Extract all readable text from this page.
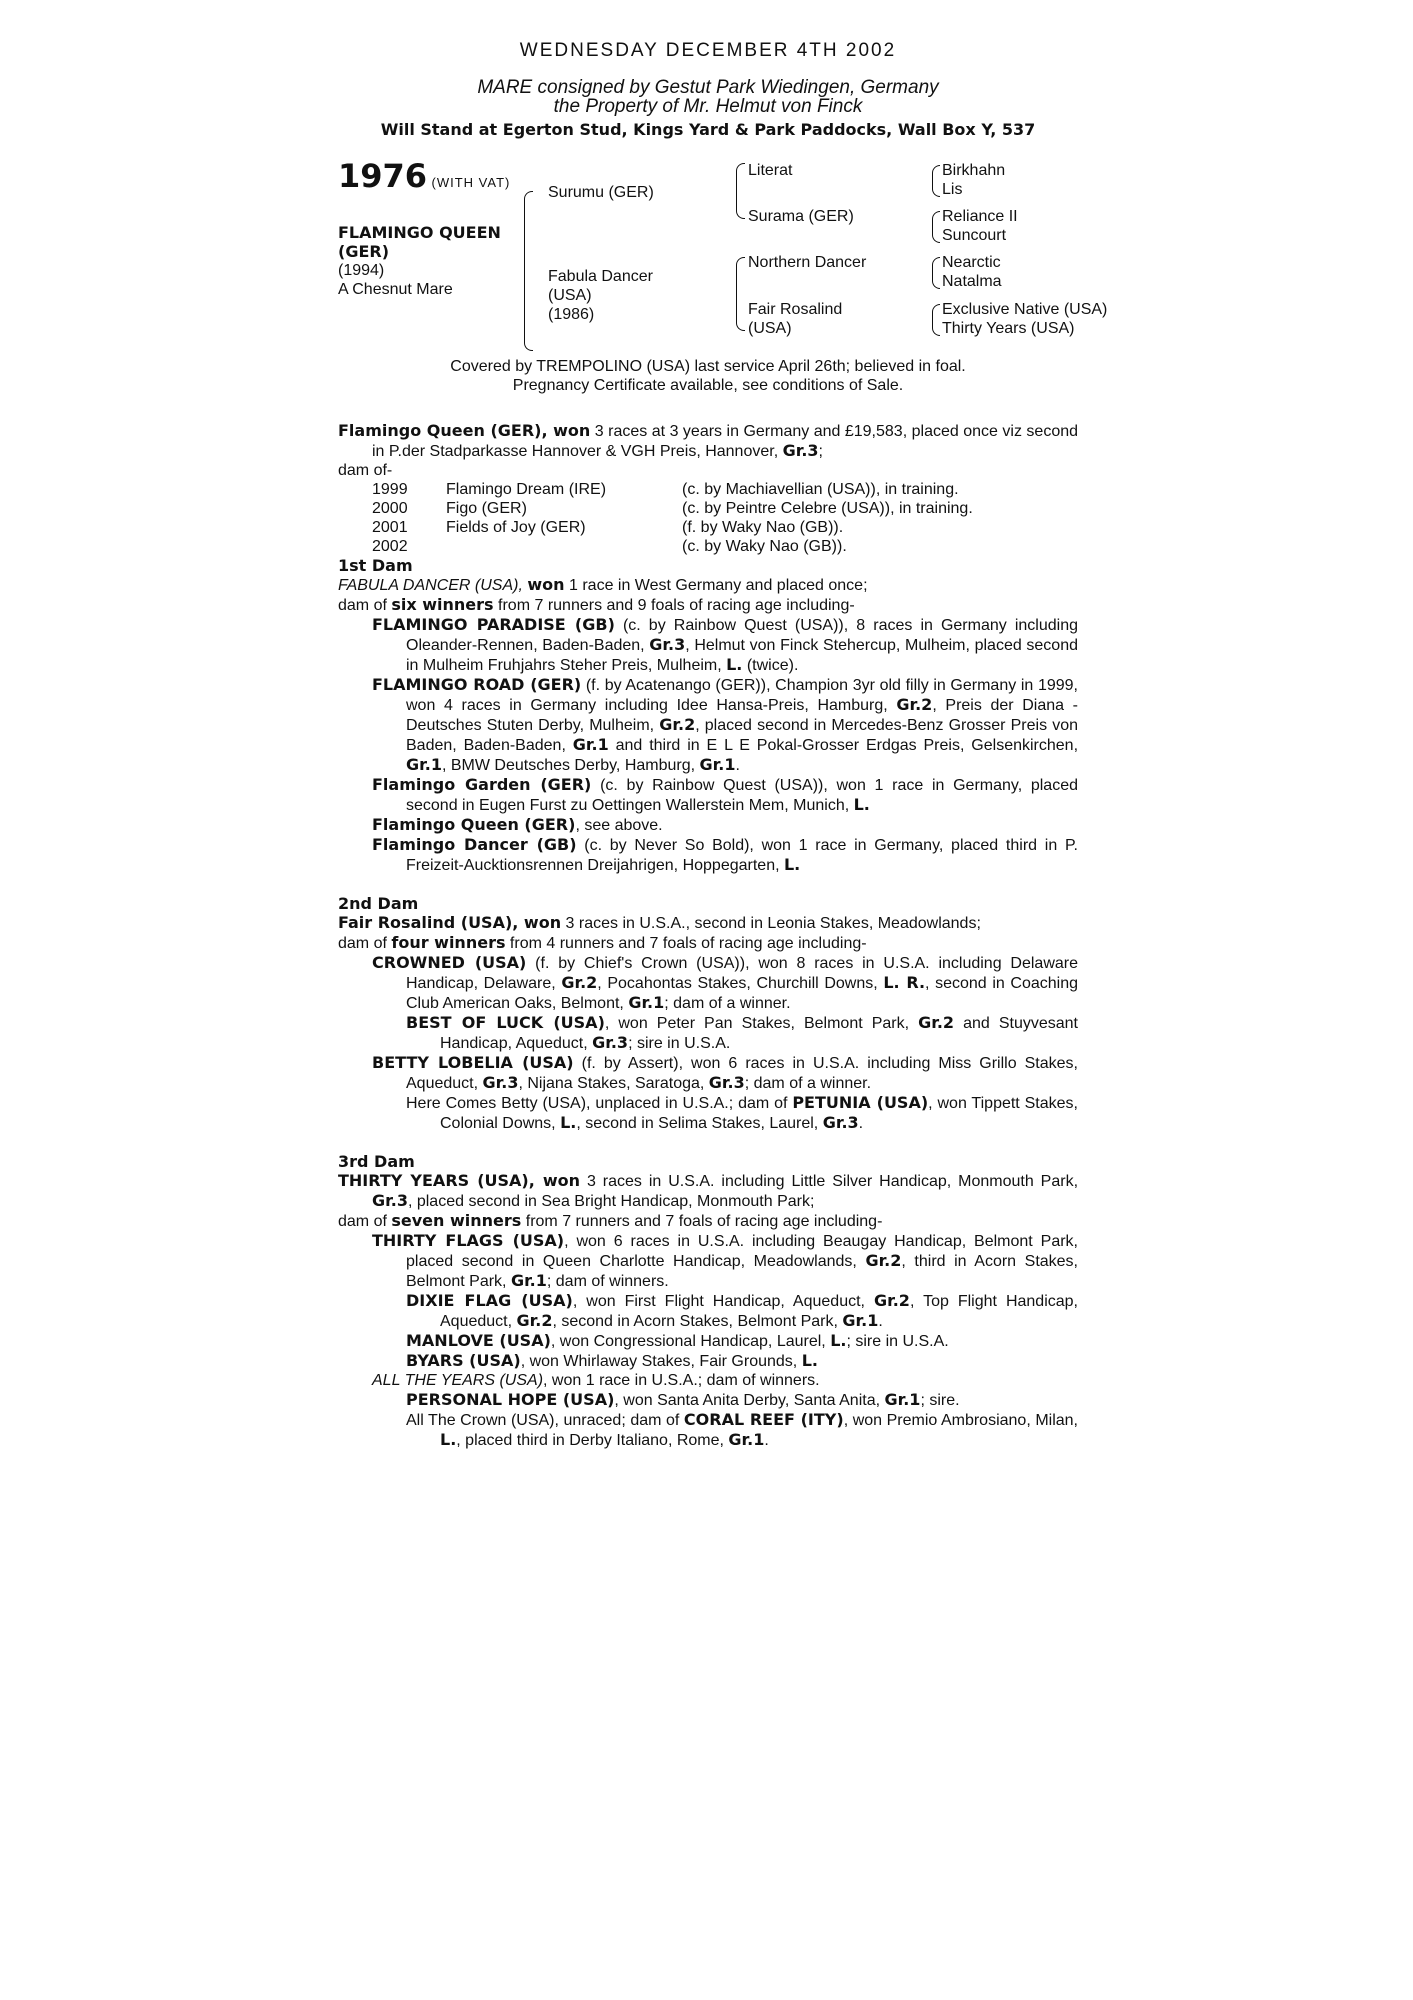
WEDNESDAY DECEMBER 4TH 2002
MARE consigned by Gestut Park Wiedingen, Germany
the Property of Mr. Helmut von Finck
Will Stand at Egerton Stud, Kings Yard & Park Paddocks, Wall Box Y, 537
1976 (WITH VAT)
FLAMINGO QUEEN
(GER)
(1994)
A Chesnut Mare
Surumu (GER)
Fabula Dancer
(USA)
(1986)
Literat
Surama (GER)
Northern Dancer
Fair Rosalind
(USA)
Birkhahn
Lis
Reliance II
Suncourt
Nearctic
Natalma
Exclusive Native (USA)
Thirty Years (USA)
Covered by TREMPOLINO (USA) last service April 26th; believed in foal.
Pregnancy Certificate available, see conditions of Sale.

Flamingo Queen (GER), won 3 races at 3 years in Germany and £19,583, placed once viz second in P.der Stadparkasse Hannover & VGH Preis, Hannover, Gr.3;

dam of-

1999	Flamingo Dream (IRE)	(c. by Machiavellian (USA)), in training.
2000	Figo (GER)	(c. by Peintre Celebre (USA)), in training.
2001	Fields of Joy (GER)	(f. by Waky Nao (GB)).
2002		(c. by Waky Nao (GB)).

1st Dam

FABULA DANCER (USA), won 1 race in West Germany and placed once;

dam of six winners from 7 runners and 9 foals of racing age including-

FLAMINGO PARADISE (GB) (c. by Rainbow Quest (USA)), 8 races in Germany including Oleander-Rennen, Baden-Baden, Gr.3, Helmut von Finck Stehercup, Mulheim, placed second in Mulheim Fruhjahrs Steher Preis, Mulheim, L. (twice).

FLAMINGO ROAD (GER) (f. by Acatenango (GER)), Champion 3yr old filly in Germany in 1999, won 4 races in Germany including Idee Hansa-Preis, Hamburg, Gr.2, Preis der Diana - Deutsches Stuten Derby, Mulheim, Gr.2, placed second in Mercedes-Benz Grosser Preis von Baden, Baden-Baden, Gr.1 and third in E L E Pokal-Grosser Erdgas Preis, Gelsenkirchen, Gr.1, BMW Deutsches Derby, Hamburg, Gr.1.

Flamingo Garden (GER) (c. by Rainbow Quest (USA)), won 1 race in Germany, placed second in Eugen Furst zu Oettingen Wallerstein Mem, Munich, L.

Flamingo Queen (GER), see above.

Flamingo Dancer (GB) (c. by Never So Bold), won 1 race in Germany, placed third in P. Freizeit-Aucktionsrennen Dreijahrigen, Hoppegarten, L.

2nd Dam

Fair Rosalind (USA), won 3 races in U.S.A., second in Leonia Stakes, Meadowlands;

dam of four winners from 4 runners and 7 foals of racing age including-

CROWNED (USA) (f. by Chief's Crown (USA)), won 8 races in U.S.A. including Delaware Handicap, Delaware, Gr.2, Pocahontas Stakes, Churchill Downs, L. R., second in Coaching Club American Oaks, Belmont, Gr.1; dam of a winner.

BEST OF LUCK (USA), won Peter Pan Stakes, Belmont Park, Gr.2 and Stuyvesant Handicap, Aqueduct, Gr.3; sire in U.S.A.

BETTY LOBELIA (USA) (f. by Assert), won 6 races in U.S.A. including Miss Grillo Stakes, Aqueduct, Gr.3, Nijana Stakes, Saratoga, Gr.3; dam of a winner.

Here Comes Betty (USA), unplaced in U.S.A.; dam of PETUNIA (USA), won Tippett Stakes, Colonial Downs, L., second in Selima Stakes, Laurel, Gr.3.

3rd Dam

THIRTY YEARS (USA), won 3 races in U.S.A. including Little Silver Handicap, Monmouth Park, Gr.3, placed second in Sea Bright Handicap, Monmouth Park;

dam of seven winners from 7 runners and 7 foals of racing age including-

THIRTY FLAGS (USA), won 6 races in U.S.A. including Beaugay Handicap, Belmont Park, placed second in Queen Charlotte Handicap, Meadowlands, Gr.2, third in Acorn Stakes, Belmont Park, Gr.1; dam of winners.

DIXIE FLAG (USA), won First Flight Handicap, Aqueduct, Gr.2, Top Flight Handicap, Aqueduct, Gr.2, second in Acorn Stakes, Belmont Park, Gr.1.

MANLOVE (USA), won Congressional Handicap, Laurel, L.; sire in U.S.A.

BYARS (USA), won Whirlaway Stakes, Fair Grounds, L.

ALL THE YEARS (USA), won 1 race in U.S.A.; dam of winners.

PERSONAL HOPE (USA), won Santa Anita Derby, Santa Anita, Gr.1; sire.

All The Crown (USA), unraced; dam of CORAL REEF (ITY), won Premio Ambrosiano, Milan, L., placed third in Derby Italiano, Rome, Gr.1.
